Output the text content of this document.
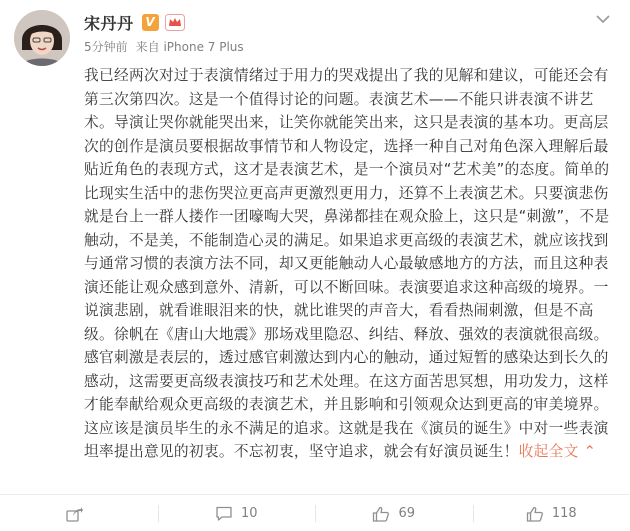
宋丹丹 V
5分钟前 来自 iPhone 7 Plus
我已经两次对过于表演情绪过于用力的哭戏提出了我的见解和建议，可能还会有第三次第四次。这是一个值得讨论的问题。表演艺术——不能只讲表演不讲艺术。导演让哭你就能哭出来，让笑你就能笑出来，这只是表演的基本功。更高层次的创作是演员要根据故事情节和人物设定，选择一种自己对角色深入理解后最贴近角色的表现方式，这才是表演艺术，是一个演员对“艺术美”的态度。简单的比现实生活中的悲伤哭泣更高声更激烈更用力，还算不上表演艺术。只要演悲伤就是台上一群人搂作一团嚎啕大哭，鼻涕都挂在观众脸上，这只是“刺激”，不是触动，不是美，不能制造心灵的满足。如果追求更高级的表演艺术，就应该找到与通常习惯的表演方法不同，却又更能触动人心最敏感地方的方法，而且这种表演还能让观众感到意外、清新，可以不断回味。表演要追求这种高级的境界。一说演悲剧，就看谁眼泪来的快，就比谁哭的声音大，看看热闹刺激，但是不高级。徐帆在《唐山大地震》那场戏里隐忍、纠结、释放、强效的表演就很高级。感官刺激是表层的，透过感官刺激达到内心的触动，通过短暂的感染达到长久的感动，这需要更高级表演技巧和艺术处理。在这方面苦思冥想，用功发力，这样才能奉献给观众更高级的表演艺术，并且影响和引领观众达到更高的审美境界。这应该是演员毕生的永不满足的追求。这就是我在《演员的诞生》中对一些表演坦率提出意见的初衷。不忘初衷，坚守追求，就会有好演员诞生！收起全文 ⌃
10	69	118
